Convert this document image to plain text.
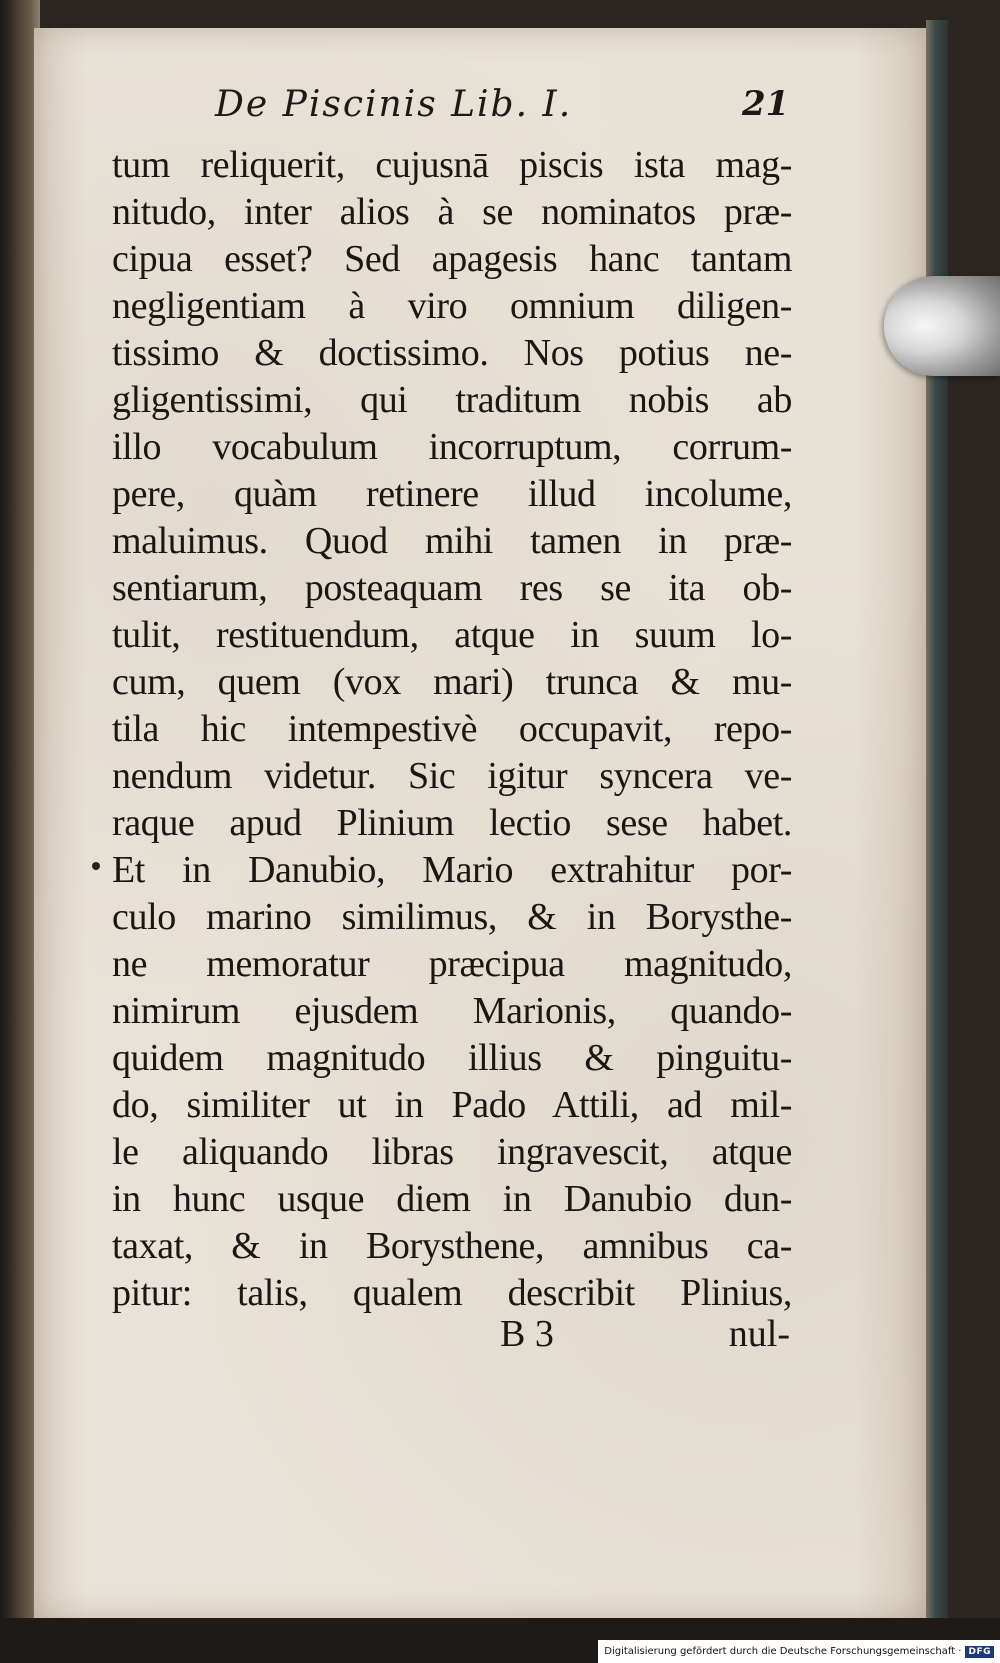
De Piscinis Lib. I.	21
tum reliquerit, cujusnā piscis ista mag-
nitudo, inter alios à se nominatos præ-
cipua esset? Sed apagesis hanc tantam
negligentiam à viro omnium diligen-
tissimo & doctissimo. Nos potius ne-
gligentissimi, qui traditum nobis ab
illo vocabulum incorruptum, corrum-
pere, quàm retinere illud incolume,
maluimus. Quod mihi tamen in præ-
sentiarum, posteaquam res se ita ob-
tulit, restituendum, atque in suum lo-
cum, quem (vox mari) trunca & mu-
tila hic intempestivè occupavit, repo-
nendum videtur. Sic igitur syncera ve-
raque apud Plinium lectio sese habet.
Et in Danubio, Mario extrahitur por-
culo marino similimus, & in Borysthe-
ne memoratur præcipua magnitudo,
nimirum ejusdem Marionis, quando-
quidem magnitudo illius & pinguitu-
do, similiter ut in Pado Attili, ad mil-
le aliquando libras ingravescit, atque
in hunc usque diem in Danubio dun-
taxat, & in Borysthene, amnibus ca-
pitur: talis, qualem describit Plinius,
B 3	nul-
Digitalisierung gefördert durch die Deutsche Forschungsgemeinschaft · DFG
